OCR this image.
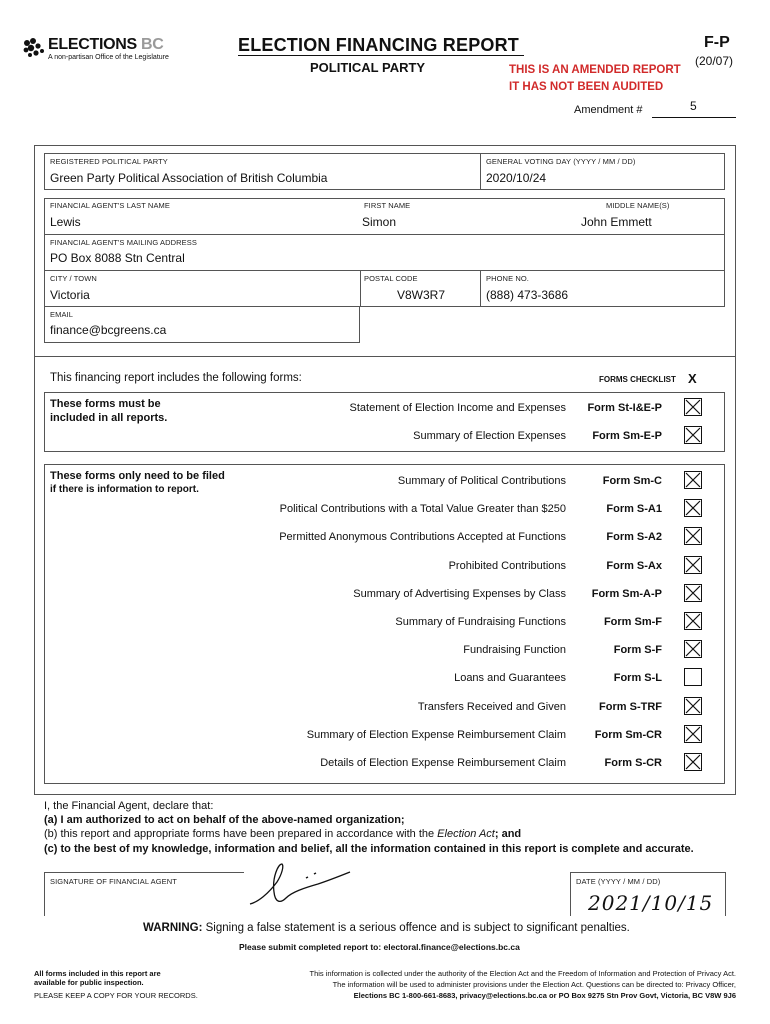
ELECTIONS BC
A non-partisan Office of the Legislature
ELECTION FINANCING REPORT
POLITICAL PARTY
F-P
(20/07)
THIS IS AN AMENDED REPORT
IT HAS NOT BEEN AUDITED
Amendment #	5
REGISTERED POLITICAL PARTY
Green Party Political Association of British Columbia
GENERAL VOTING DAY (YYYY / MM / DD)
2020/10/24
FINANCIAL AGENT'S LAST NAME
Lewis
FIRST NAME
Simon
MIDDLE NAME(S)
John Emmett
FINANCIAL AGENT'S MAILING ADDRESS
PO Box 8088 Stn Central
CITY / TOWN
Victoria
POSTAL CODE
V8W3R7
PHONE NO.
(888) 473-3686
EMAIL
finance@bcgreens.ca
This financing report includes the following forms:	FORMS CHECKLIST X
These forms must be
included in all reports.
Statement of Election Income and Expenses Form St-I&E-P
Summary of Election Expenses Form Sm-E-P
These forms only need to be filed
if there is information to report.
Summary of Political Contributions	Form Sm-C
Political Contributions with a Total Value Greater than $250	Form S-A1
Permitted Anonymous Contributions Accepted at Functions	Form S-A2
Prohibited Contributions	Form S-Ax
Summary of Advertising Expenses by Class Form Sm-A-P
Summary of Fundraising Functions	Form Sm-F
Fundraising Function	Form S-F
Loans and Guarantees	Form S-L
Transfers Received and Given	Form S-TRF
Summary of Election Expense Reimbursement Claim	Form Sm-CR
Details of Election Expense Reimbursement Claim	Form S-CR
I, the Financial Agent, declare that:
(a) I am authorized to act on behalf of the above-named organization;
(b) this report and appropriate forms have been prepared in accordance with the Election Act; and
(c) to the best of my knowledge, information and belief, all the information contained in this report is complete and accurate.
SIGNATURE OF FINANCIAL AGENT	DATE (YYYY / MM / DD)
2021/10/15
WARNING: Signing a false statement is a serious offence and is subject to significant penalties.
Please submit completed report to: electoral.finance@elections.bc.ca
All forms included in this report are
available for public inspection.
PLEASE KEEP A COPY FOR YOUR RECORDS.
This information is collected under the authority of the Election Act and the Freedom of Information and Protection of Privacy Act.
The information will be used to administer provisions under the Election Act. Questions can be directed to: Privacy Officer,
Elections BC 1-800-661-8683, privacy@elections.bc.ca or PO Box 9275 Stn Prov Govt, Victoria, BC V8W 9J6
